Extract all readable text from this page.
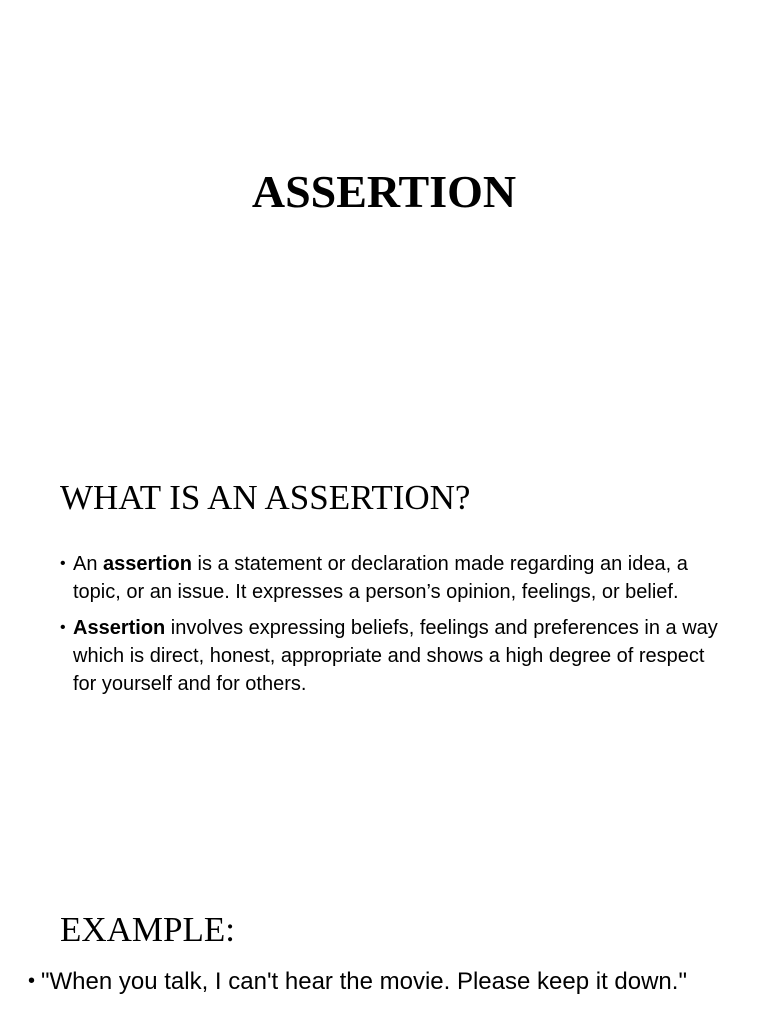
ASSERTION
WHAT IS AN ASSERTION?
• An assertion is a statement or declaration made regarding an idea, a topic, or an issue. It expresses a person’s opinion, feelings, or belief.
• Assertion involves expressing beliefs, feelings and preferences in a way which is direct, honest, appropriate and shows a high degree of respect for yourself and for others.
EXAMPLE:
• "When you talk, I can't hear the movie. Please keep it down."
